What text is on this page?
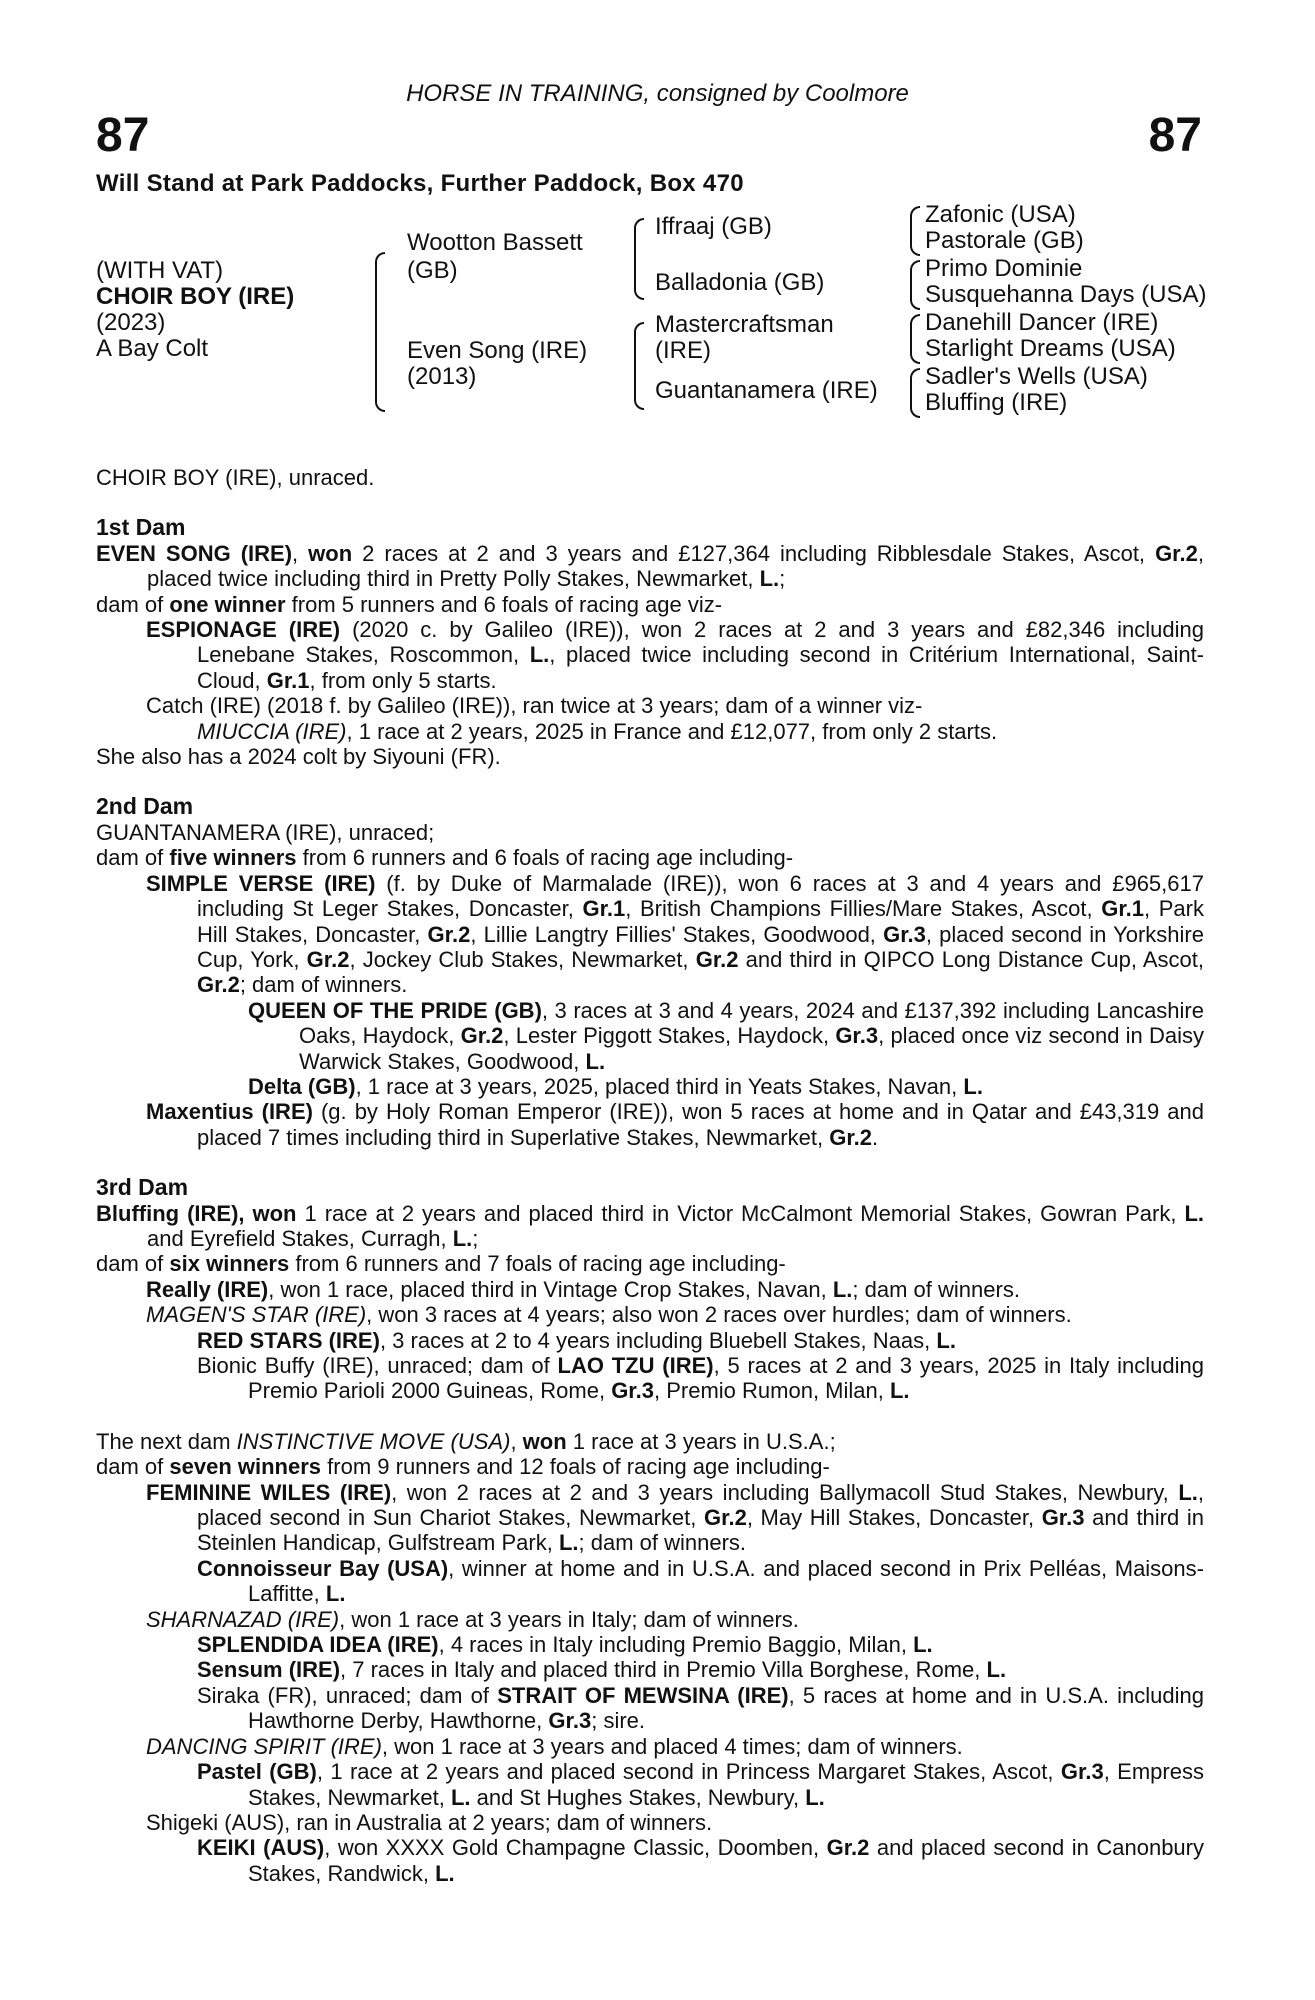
87	87
HORSE IN TRAINING, consigned by Coolmore
Will Stand at Park Paddocks, Further Paddock, Box 470
(WITH VAT)
CHOIR BOY (IRE)
(2023)
A Bay Colt
Wootton Bassett
(GB)
Even Song (IRE)
(2013)
Iffraaj (GB)
Balladonia (GB)
Mastercraftsman
(IRE)
Guantanamera (IRE)
Zafonic (USA)
Pastorale (GB)
Primo Dominie
Susquehanna Days (USA)
Danehill Dancer (IRE)
Starlight Dreams (USA)
Sadler's Wells (USA)
Bluffing (IRE)
CHOIR BOY (IRE), unraced.
1st Dam
EVEN SONG (IRE), won 2 races at 2 and 3 years and £127,364 including Ribblesdale Stakes, Ascot, Gr.2, placed twice including third in Pretty Polly Stakes, Newmarket, L.;
dam of one winner from 5 runners and 6 foals of racing age viz-
ESPIONAGE (IRE) (2020 c. by Galileo (IRE)), won 2 races at 2 and 3 years and £82,346 including Lenebane Stakes, Roscommon, L., placed twice including second in Critérium International, Saint-Cloud, Gr.1, from only 5 starts.
Catch (IRE) (2018 f. by Galileo (IRE)), ran twice at 3 years; dam of a winner viz-
MIUCCIA (IRE), 1 race at 2 years, 2025 in France and £12,077, from only 2 starts.
She also has a 2024 colt by Siyouni (FR).
2nd Dam
GUANTANAMERA (IRE), unraced;
dam of five winners from 6 runners and 6 foals of racing age including-
SIMPLE VERSE (IRE) (f. by Duke of Marmalade (IRE)), won 6 races at 3 and 4 years and £965,617 including St Leger Stakes, Doncaster, Gr.1, British Champions Fillies/Mare Stakes, Ascot, Gr.1, Park Hill Stakes, Doncaster, Gr.2, Lillie Langtry Fillies' Stakes, Goodwood, Gr.3, placed second in Yorkshire Cup, York, Gr.2, Jockey Club Stakes, Newmarket, Gr.2 and third in QIPCO Long Distance Cup, Ascot, Gr.2; dam of winners.
QUEEN OF THE PRIDE (GB), 3 races at 3 and 4 years, 2024 and £137,392 including Lancashire Oaks, Haydock, Gr.2, Lester Piggott Stakes, Haydock, Gr.3, placed once viz second in Daisy Warwick Stakes, Goodwood, L.
Delta (GB), 1 race at 3 years, 2025, placed third in Yeats Stakes, Navan, L.
Maxentius (IRE) (g. by Holy Roman Emperor (IRE)), won 5 races at home and in Qatar and £43,319 and placed 7 times including third in Superlative Stakes, Newmarket, Gr.2.
3rd Dam
Bluffing (IRE), won 1 race at 2 years and placed third in Victor McCalmont Memorial Stakes, Gowran Park, L. and Eyrefield Stakes, Curragh, L.;
dam of six winners from 6 runners and 7 foals of racing age including-
Really (IRE), won 1 race, placed third in Vintage Crop Stakes, Navan, L.; dam of winners.
MAGEN'S STAR (IRE), won 3 races at 4 years; also won 2 races over hurdles; dam of winners.
RED STARS (IRE), 3 races at 2 to 4 years including Bluebell Stakes, Naas, L.
Bionic Buffy (IRE), unraced; dam of LAO TZU (IRE), 5 races at 2 and 3 years, 2025 in Italy including Premio Parioli 2000 Guineas, Rome, Gr.3, Premio Rumon, Milan, L.
The next dam INSTINCTIVE MOVE (USA), won 1 race at 3 years in U.S.A.;
dam of seven winners from 9 runners and 12 foals of racing age including-
FEMININE WILES (IRE), won 2 races at 2 and 3 years including Ballymacoll Stud Stakes, Newbury, L., placed second in Sun Chariot Stakes, Newmarket, Gr.2, May Hill Stakes, Doncaster, Gr.3 and third in Steinlen Handicap, Gulfstream Park, L.; dam of winners.
Connoisseur Bay (USA), winner at home and in U.S.A. and placed second in Prix Pelléas, Maisons-Laffitte, L.
SHARNAZAD (IRE), won 1 race at 3 years in Italy; dam of winners.
SPLENDIDA IDEA (IRE), 4 races in Italy including Premio Baggio, Milan, L.
Sensum (IRE), 7 races in Italy and placed third in Premio Villa Borghese, Rome, L.
Siraka (FR), unraced; dam of STRAIT OF MEWSINA (IRE), 5 races at home and in U.S.A. including Hawthorne Derby, Hawthorne, Gr.3; sire.
DANCING SPIRIT (IRE), won 1 race at 3 years and placed 4 times; dam of winners.
Pastel (GB), 1 race at 2 years and placed second in Princess Margaret Stakes, Ascot, Gr.3, Empress Stakes, Newmarket, L. and St Hughes Stakes, Newbury, L.
Shigeki (AUS), ran in Australia at 2 years; dam of winners.
KEIKI (AUS), won XXXX Gold Champagne Classic, Doomben, Gr.2 and placed second in Canonbury Stakes, Randwick, L.
